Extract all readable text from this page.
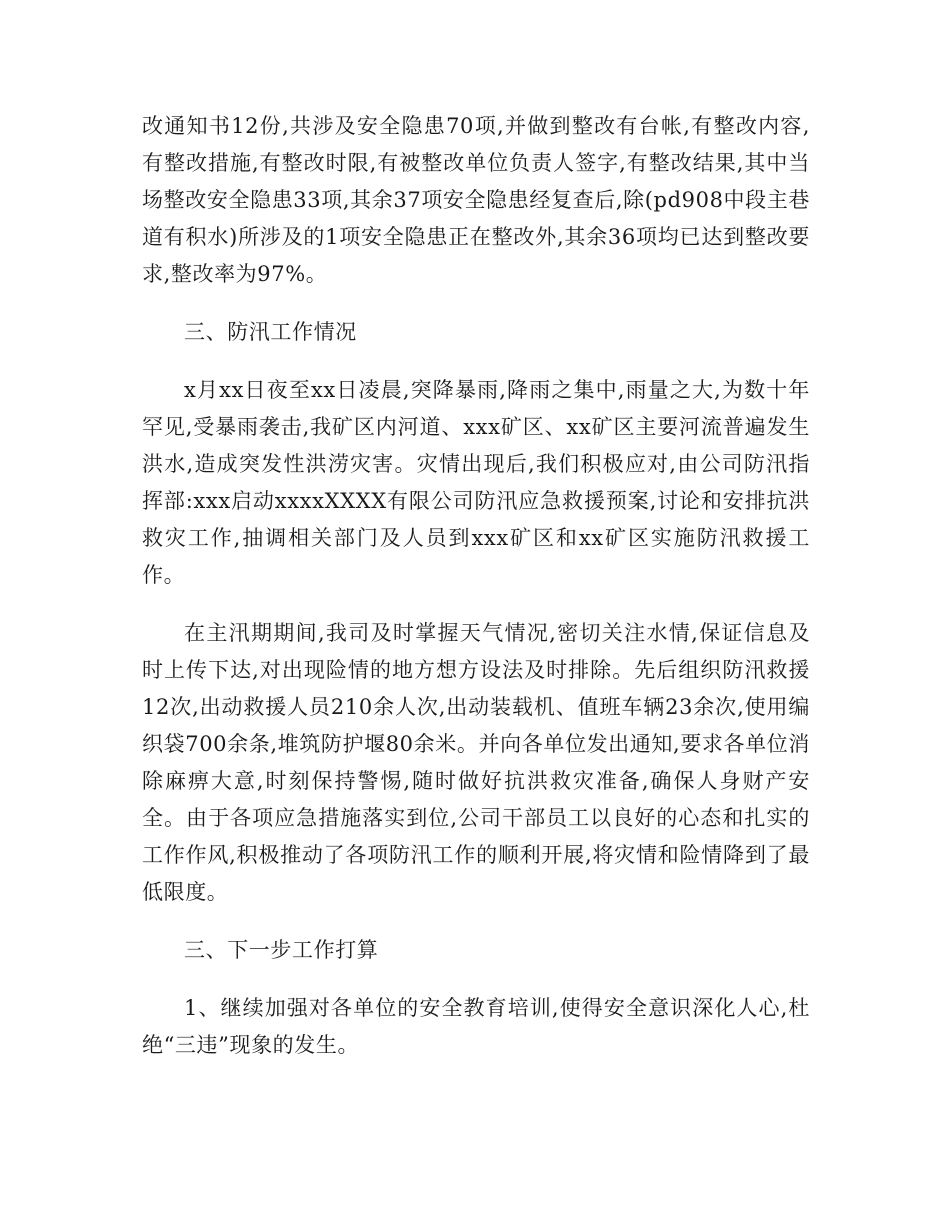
改通知书12份,共涉及安全隐患70项,并做到整改有台帐,有整改内容,有整改措施,有整改时限,有被整改单位负责人签字,有整改结果,其中当场整改安全隐患33项,其余37项安全隐患经复查后,除(pd908中段主巷道有积水)所涉及的1项安全隐患正在整改外,其余36项均已达到整改要求,整改率为97%。

三、防汛工作情况

x月xx日夜至xx日凌晨,突降暴雨,降雨之集中,雨量之大,为数十年罕见,受暴雨袭击,我矿区内河道、xxx矿区、xx矿区主要河流普遍发生洪水,造成突发性洪涝灾害。灾情出现后,我们积极应对,由公司防汛指挥部:xxx启动xxxxXXXX有限公司防汛应急救援预案,讨论和安排抗洪救灾工作,抽调相关部门及人员到xxx矿区和xx矿区实施防汛救援工作。

在主汛期期间,我司及时掌握天气情况,密切关注水情,保证信息及时上传下达,对出现险情的地方想方设法及时排除。先后组织防汛救援12次,出动救援人员210余人次,出动装载机、值班车辆23余次,使用编织袋700余条,堆筑防护堰80余米。并向各单位发出通知,要求各单位消除麻痹大意,时刻保持警惕,随时做好抗洪救灾准备,确保人身财产安全。由于各项应急措施落实到位,公司干部员工以良好的心态和扎实的工作作风,积极推动了各项防汛工作的顺利开展,将灾情和险情降到了最低限度。

三、下一步工作打算

1、继续加强对各单位的安全教育培训,使得安全意识深化人心,杜绝“三违”现象的发生。
